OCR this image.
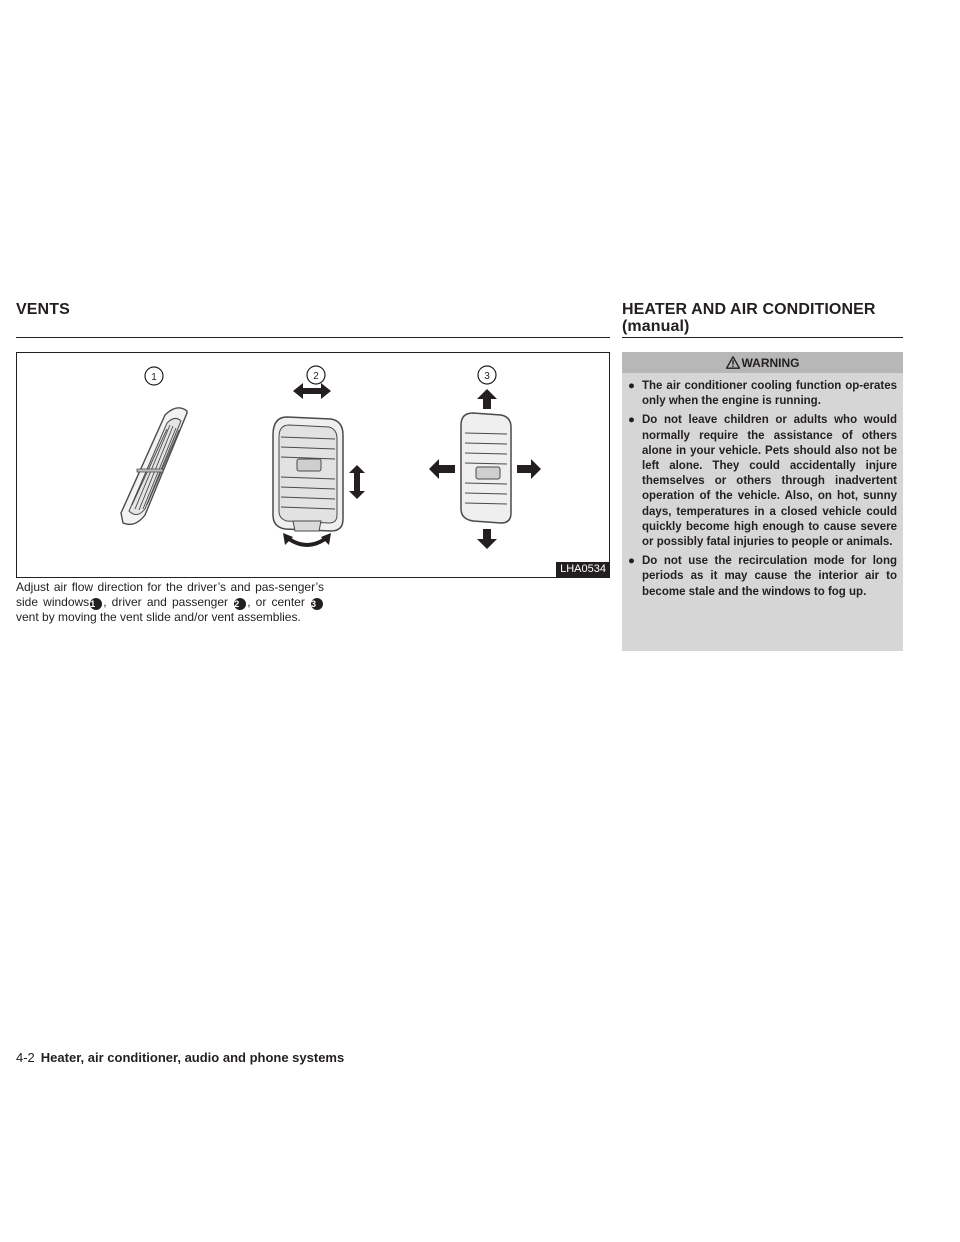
VENTS	HEATER AND AIR CONDITIONER
(manual)
1	2	3
LHA0534
Adjust air flow direction for the driver’s and pas-senger’s side windows1 , driver and passenger 2 , or center 3 vent by moving the vent slide and/or vent assemblies.
WARNING
● The air conditioner cooling function op-erates only when the engine is running.
● Do not leave children or adults who would normally require the assistance of others alone in your vehicle. Pets should also not be left alone. They could accidentally injure themselves or others through inadvertent operation of the vehicle. Also, on hot, sunny days, temperatures in a closed vehicle could quickly become high enough to cause severe or possibly fatal injuries to people or animals.
● Do not use the recirculation mode for long periods as it may cause the interior air to become stale and the windows to fog up.
4-2 Heater, air conditioner, audio and phone systems
